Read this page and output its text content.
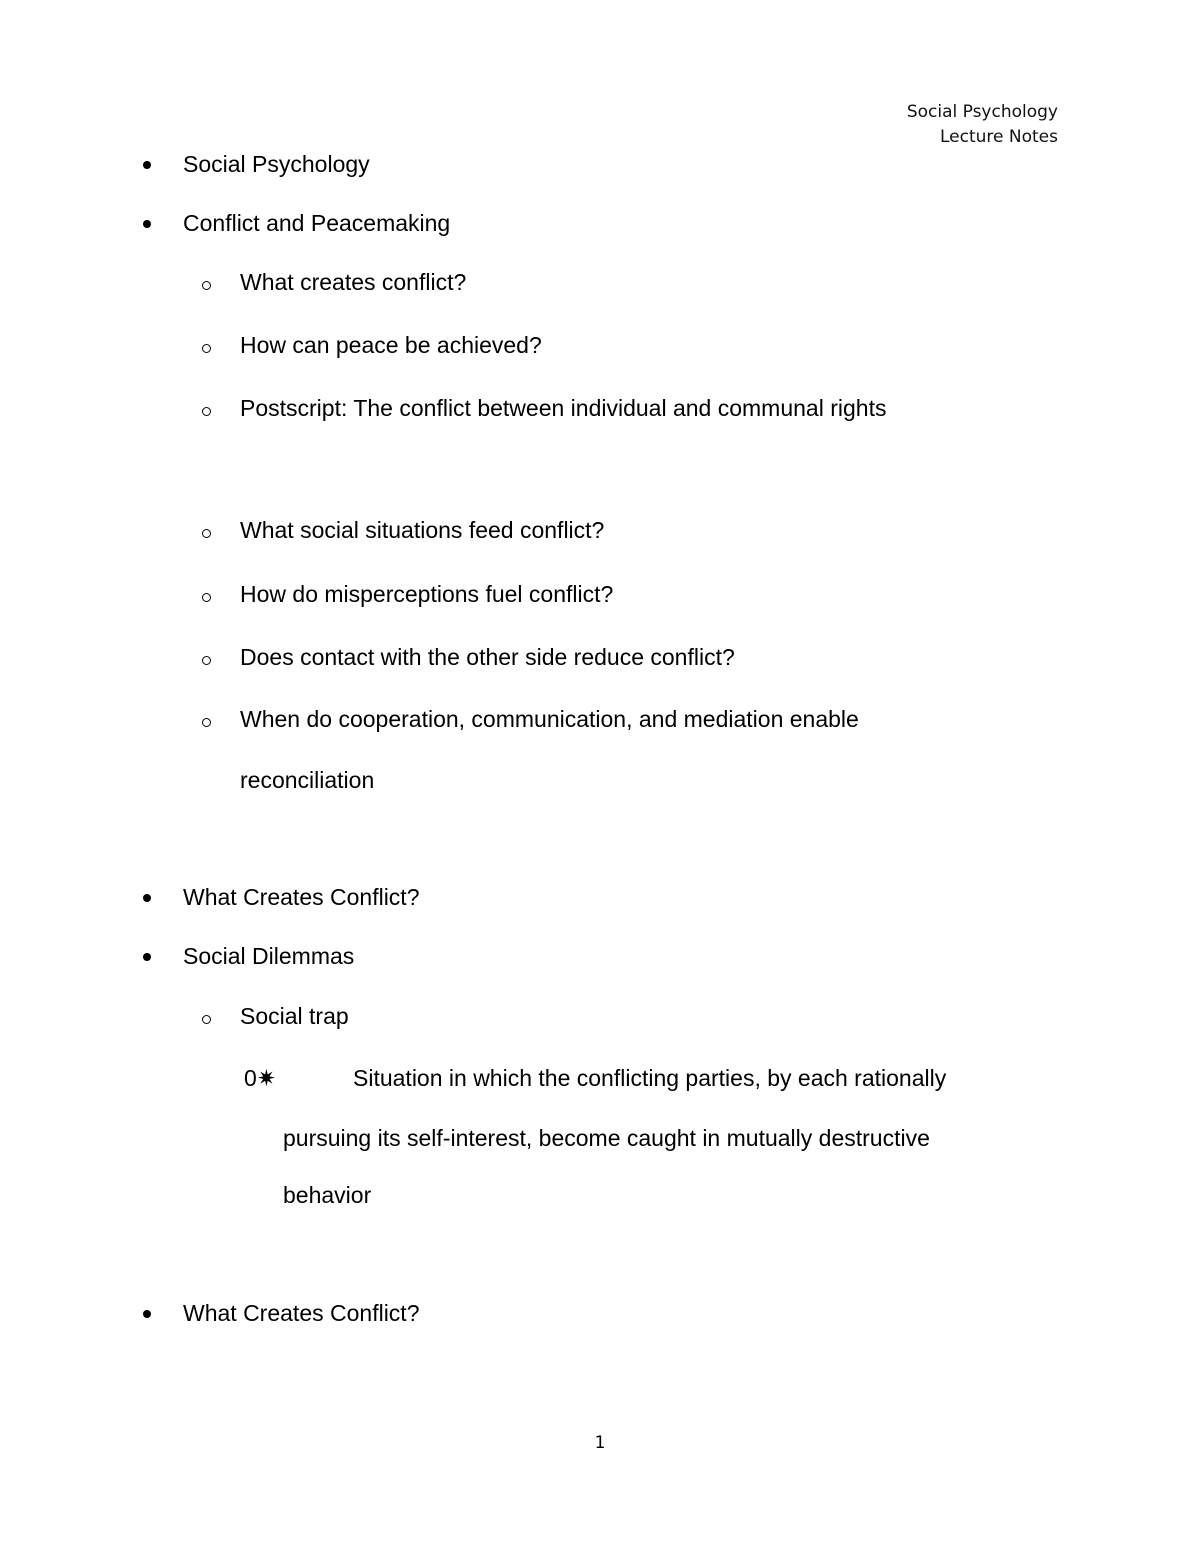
Social Psychology
Lecture Notes
Social Psychology
Conflict and Peacemaking
What creates conflict?
How can peace be achieved?
Postscript: The conflict between individual and communal rights
What social situations feed conflict?
How do misperceptions fuel conflict?
Does contact with the other side reduce conflict?
When do cooperation, communication, and mediation enable
reconciliation
What Creates Conflict?
Social Dilemmas
Social trap
0✷	Situation in which the conflicting parties, by each rationally
pursuing its self-interest, become caught in mutually destructive
behavior
What Creates Conflict?
1
